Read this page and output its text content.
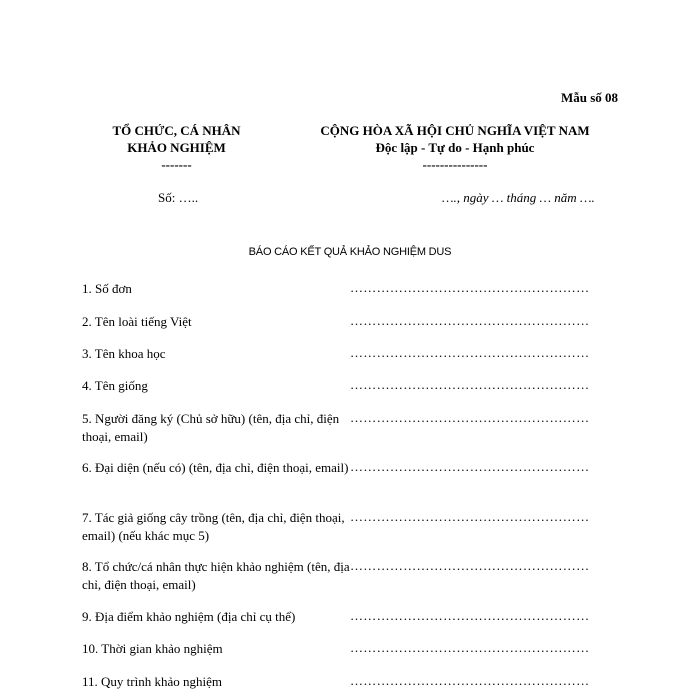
Mẫu số 08
TỔ CHỨC, CÁ NHÂN
KHẢO NGHIỆM
-------
CỘNG HÒA XÃ HỘI CHỦ NGHĨA VIỆT NAM
Độc lập - Tự do - Hạnh phúc
---------------
Số: …..	…., ngày … tháng … năm ….
BÁO CÁO KẾT QUẢ KHẢO NGHIỆM DUS
1. Số đơn	………………………………………………
2. Tên loài tiếng Việt	………………………………………………
3. Tên khoa học	………………………………………………
4. Tên giống	………………………………………………
5. Người đăng ký (Chủ sở hữu) (tên, địa chỉ, điện thoại, email)
………………………………………………
6. Đại diện (nếu có) (tên, địa chỉ, điện thoại, email) ………………………………………………
7. Tác giả giống cây trồng (tên, địa chỉ, điện thoại, email) (nếu khác mục 5)
………………………………………………
8. Tổ chức/cá nhân thực hiện khảo nghiệm (tên, địa chỉ, điện thoại, email)
………………………………………………
9. Địa điểm khảo nghiệm (địa chỉ cụ thể)	………………………………………………
10. Thời gian khảo nghiệm	………………………………………………
11. Quy trình khảo nghiệm	………………………………………………
